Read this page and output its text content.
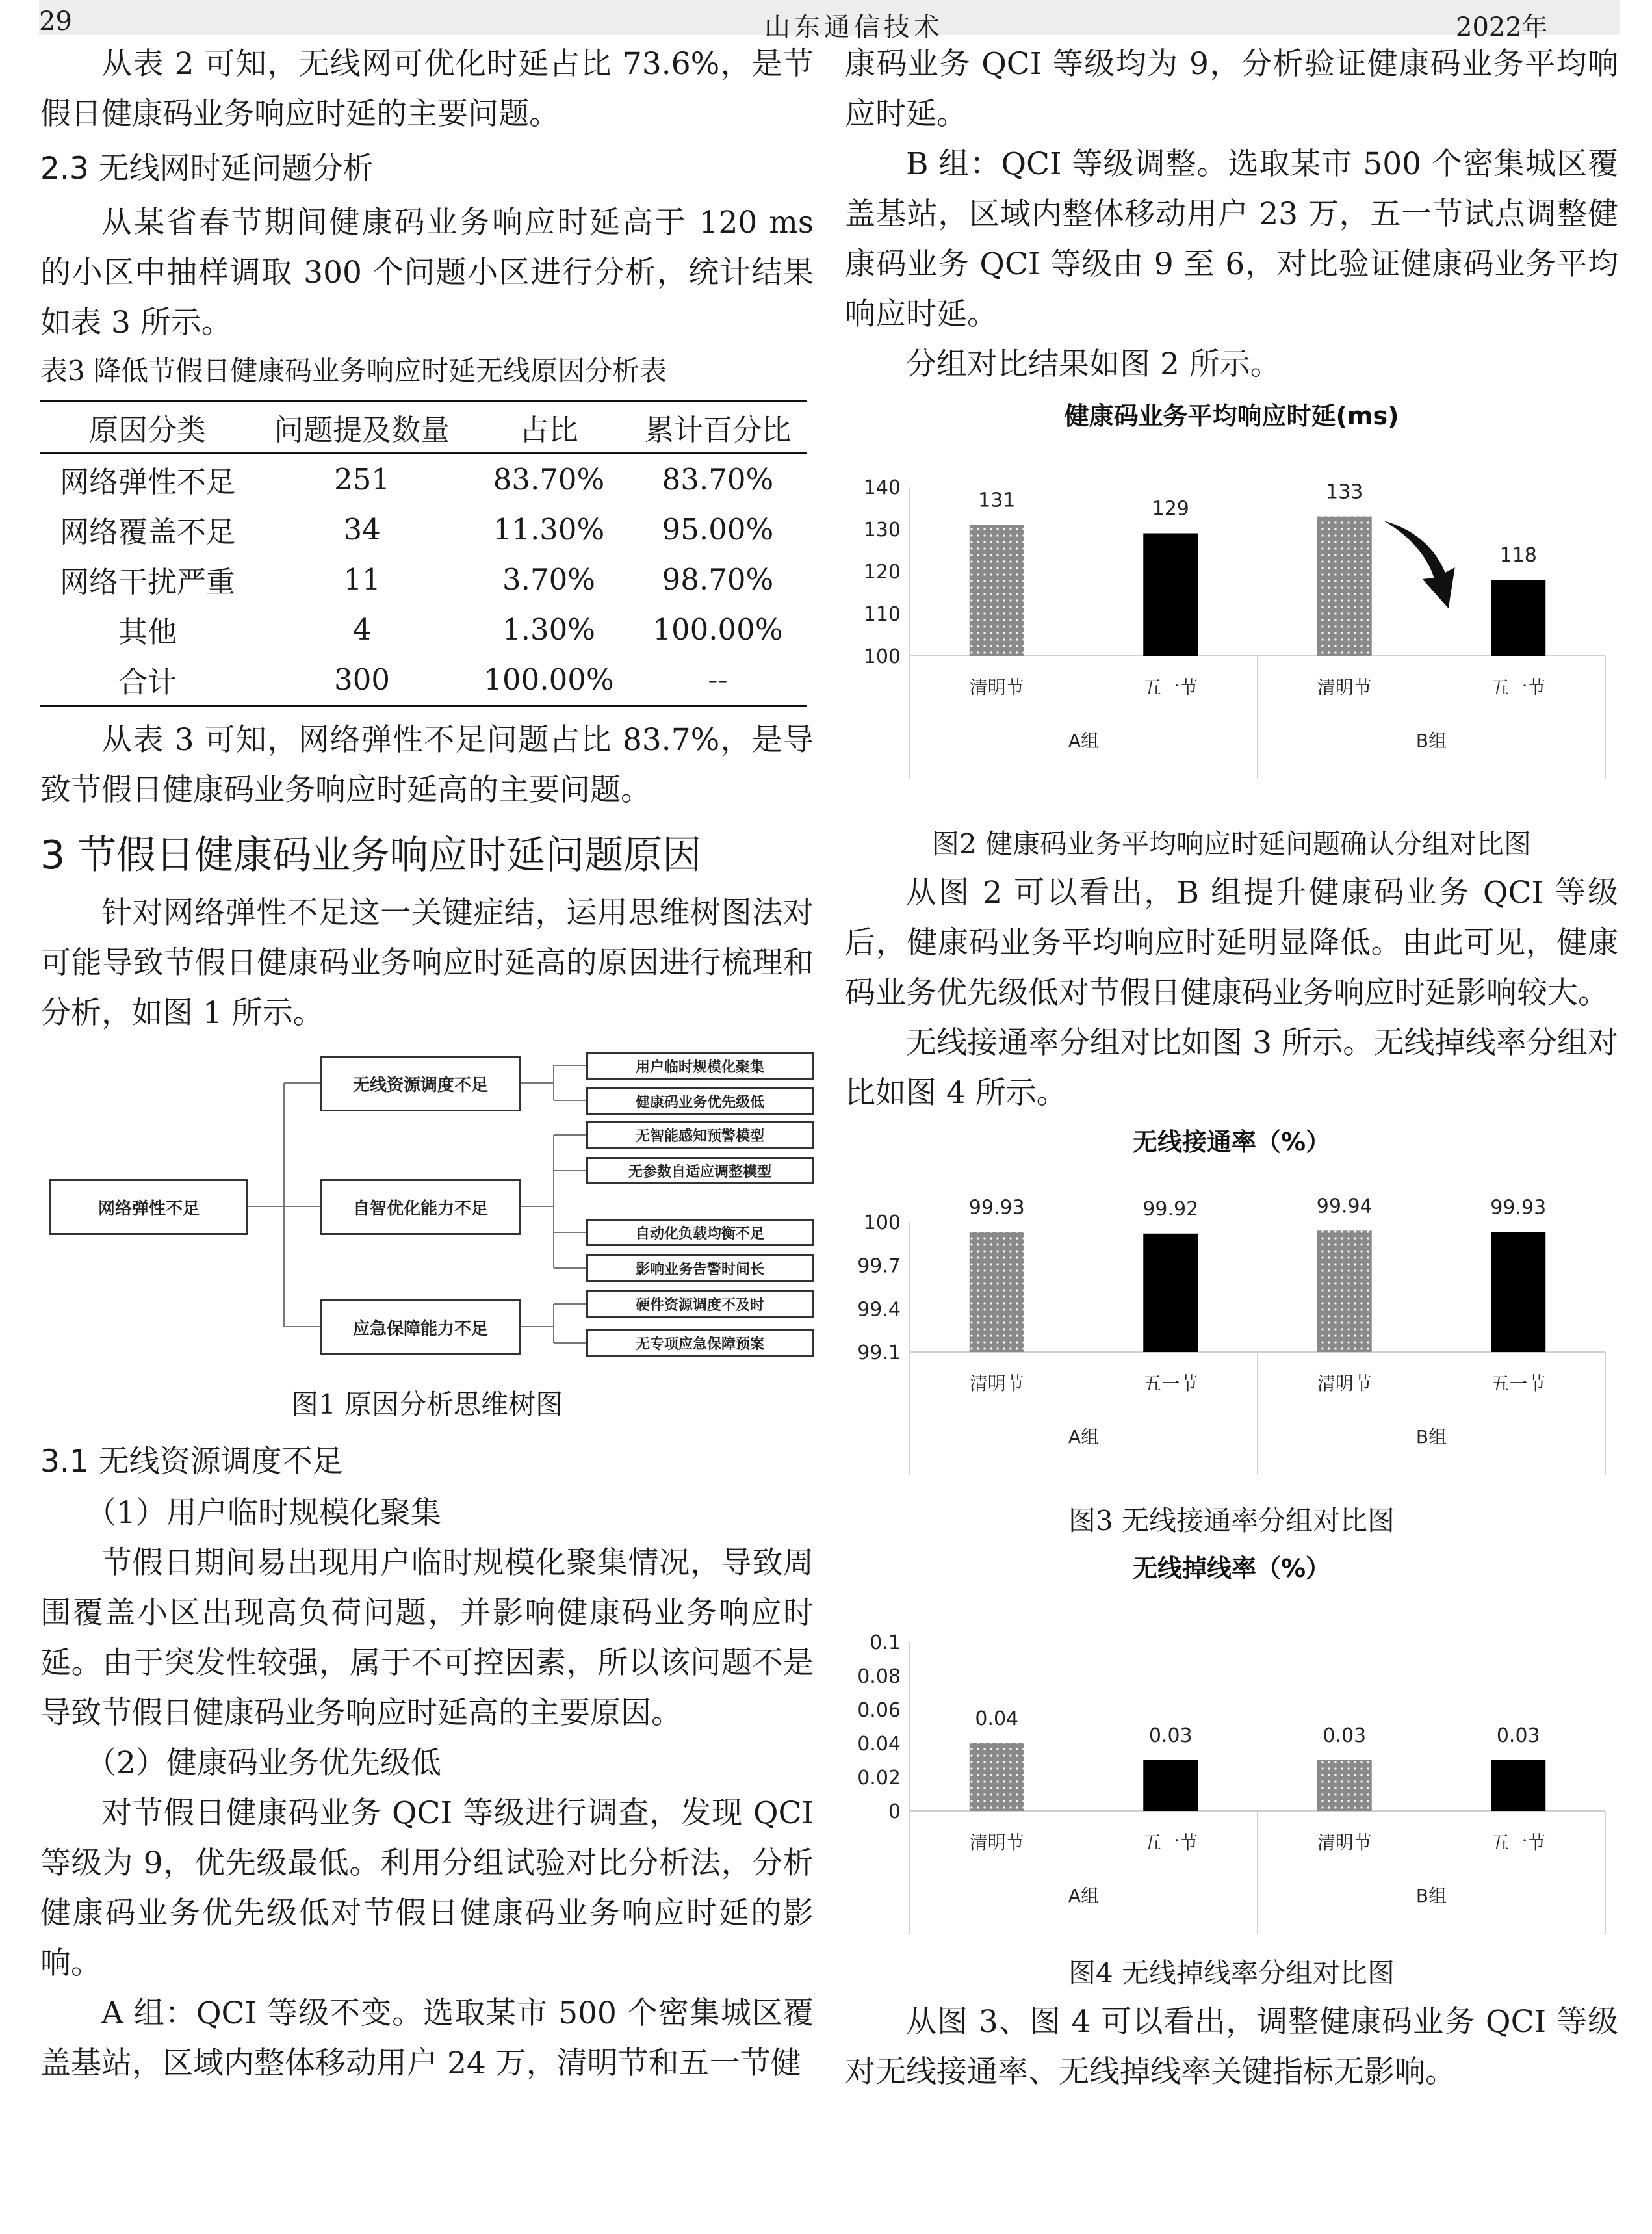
29	山东通信技术	2022年

从表 2 可知，无线网可优化时延占比 73.6%，是节假日健康码业务响应时延的主要问题。

2.3 无线网时延问题分析

从某省春节期间健康码业务响应时延高于 120 ms 的小区中抽样调取 300 个问题小区进行分析，统计结果如表 3 所示。

表3 降低节假日健康码业务响应时延无线原因分析表

原因分类	问题提及数量	占比	累计百分比
网络弹性不足	251	83.70%	83.70%
网络覆盖不足	34	11.30%	95.00%
网络干扰严重	11	3.70%	98.70%
其他	4	1.30%	100.00%
合计	300	100.00%	--

从表 3 可知，网络弹性不足问题占比 83.7%，是导致节假日健康码业务响应时延高的主要问题。

3 节假日健康码业务响应时延问题原因

针对网络弹性不足这一关键症结，运用思维树图法对可能导致节假日健康码业务响应时延高的原因进行梳理和分析，如图 1 所示。

网络弹性不足
无线资源调度不足
自智优化能力不足
应急保障能力不足
用户临时规模化聚集
健康码业务优先级低
无智能感知预警模型
无参数自适应调整模型
自动化负载均衡不足
影响业务告警时间长
硬件资源调度不及时
无专项应急保障预案

图1 原因分析思维树图

3.1 无线资源调度不足

（1）用户临时规模化聚集

节假日期间易出现用户临时规模化聚集情况，导致周围覆盖小区出现高负荷问题，并影响健康码业务响应时延。由于突发性较强，属于不可控因素，所以该问题不是导致节假日健康码业务响应时延高的主要原因。

（2）健康码业务优先级低

对节假日健康码业务 QCI 等级进行调查，发现 QCI 等级为 9，优先级最低。利用分组试验对比分析法，分析健康码业务优先级低对节假日健康码业务响应时延的影响。

A 组：QCI 等级不变。选取某市 500 个密集城区覆盖基站，区域内整体移动用户 24 万，清明节和五一节健

康码业务 QCI 等级均为 9，分析验证健康码业务平均响应时延。

B 组：QCI 等级调整。选取某市 500 个密集城区覆盖基站，区域内整体移动用户 23 万，五一节试点调整健康码业务 QCI 等级由 9 至 6，对比验证健康码业务平均响应时延。

分组对比结果如图 2 所示。

健康码业务平均响应时延(ms)
140
130
120
110
100
131
清明节
129
五一节
133
清明节
118
五一节
A组	B组

图2 健康码业务平均响应时延问题确认分组对比图

从图 2 可以看出，B 组提升健康码业务 QCI 等级后，健康码业务平均响应时延明显降低。由此可见，健康码业务优先级低对节假日健康码业务响应时延影响较大。

无线接通率分组对比如图 3 所示。无线掉线率分组对比如图 4 所示。

无线接通率（%）
100
99.7
99.4
99.1
99.93
清明节
99.92
五一节
99.94
清明节
99.93
五一节
A组	B组

图3 无线接通率分组对比图

无线掉线率（%）
0.1
0.08
0.06
0.04
0.02
0
0.04
清明节
0.03
五一节
0.03
清明节
0.03
五一节
A组	B组

图4 无线掉线率分组对比图

从图 3、图 4 可以看出，调整健康码业务 QCI 等级对无线接通率、无线掉线率关键指标无影响。
